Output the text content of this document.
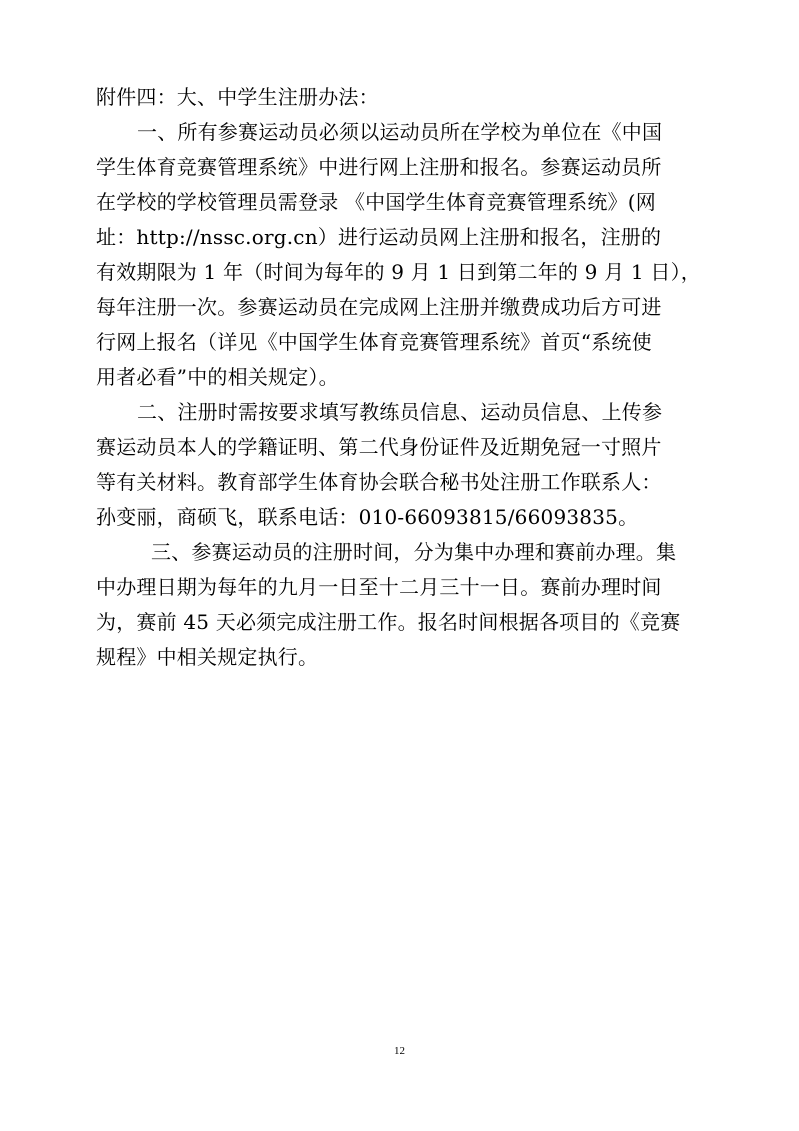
附件四：大、中学生注册办法：
一、所有参赛运动员必须以运动员所在学校为单位在《中国
学生体育竞赛管理系统》中进行网上注册和报名。参赛运动员所
在学校的学校管理员需登录 《中国学生体育竞赛管理系统》(网
址：http://nssc.org.cn）进行运动员网上注册和报名，注册的
有效期限为 1 年（时间为每年的 9 月 1 日到第二年的 9 月 1 日），
每年注册一次。参赛运动员在完成网上注册并缴费成功后方可进
行网上报名（详见《中国学生体育竞赛管理系统》首页“系统使
用者必看”中的相关规定）。
二、注册时需按要求填写教练员信息、运动员信息、上传参
赛运动员本人的学籍证明、第二代身份证件及近期免冠一寸照片
等有关材料。教育部学生体育协会联合秘书处注册工作联系人：
孙变丽，商硕飞，联系电话：010-66093815/66093835。
三、参赛运动员的注册时间，分为集中办理和赛前办理。集
中办理日期为每年的九月一日至十二月三十一日。赛前办理时间
为，赛前 45 天必须完成注册工作。报名时间根据各项目的《竞赛
规程》中相关规定执行。
12
